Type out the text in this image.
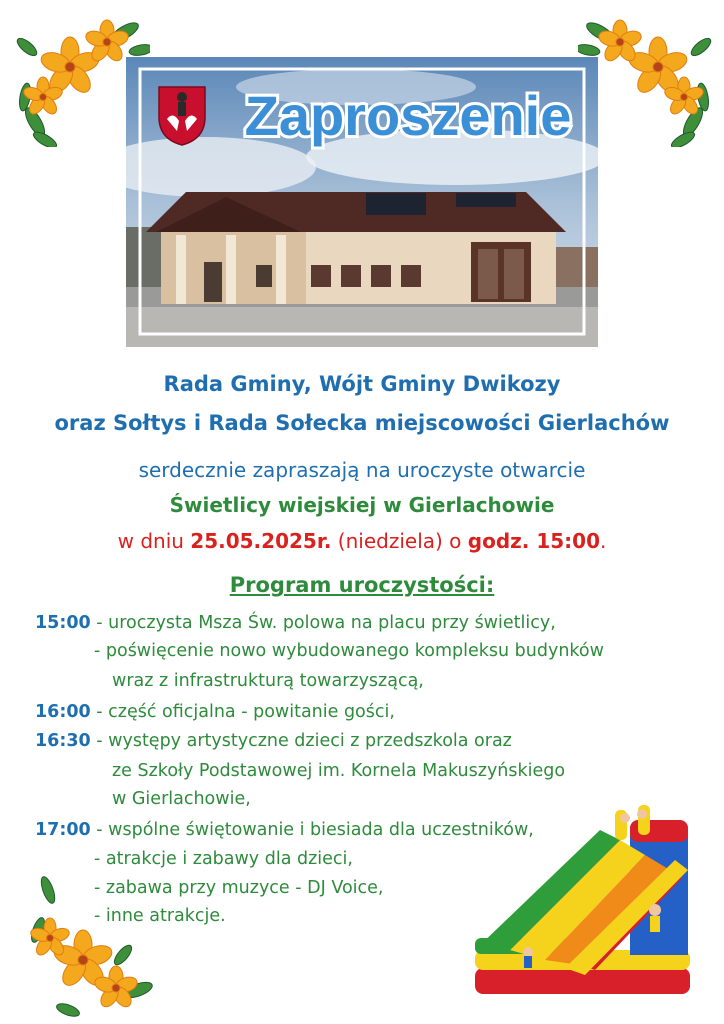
Zaproszenie
Rada Gminy, Wójt Gminy Dwikozy
oraz Sołtys i Rada Sołecka miejscowości Gierlachów
serdecznie zapraszają na uroczyste otwarcie
Świetlicy wiejskiej w Gierlachowie
w dniu 25.05.2025r. (niedziela) o godz. 15:00.
Program uroczystości:
15:00 - uroczysta Msza Św. polowa na placu przy świetlicy,
- poświęcenie nowo wybudowanego kompleksu budynków
wraz z infrastrukturą towarzyszącą,
16:00 - część oficjalna - powitanie gości,
16:30 - występy artystyczne dzieci z przedszkola oraz
ze Szkoły Podstawowej im. Kornela Makuszyńskiego
w Gierlachowie,
17:00 - wspólne świętowanie i biesiada dla uczestników,
- atrakcje i zabawy dla dzieci,
- zabawa przy muzyce - DJ Voice,
- inne atrakcje.
